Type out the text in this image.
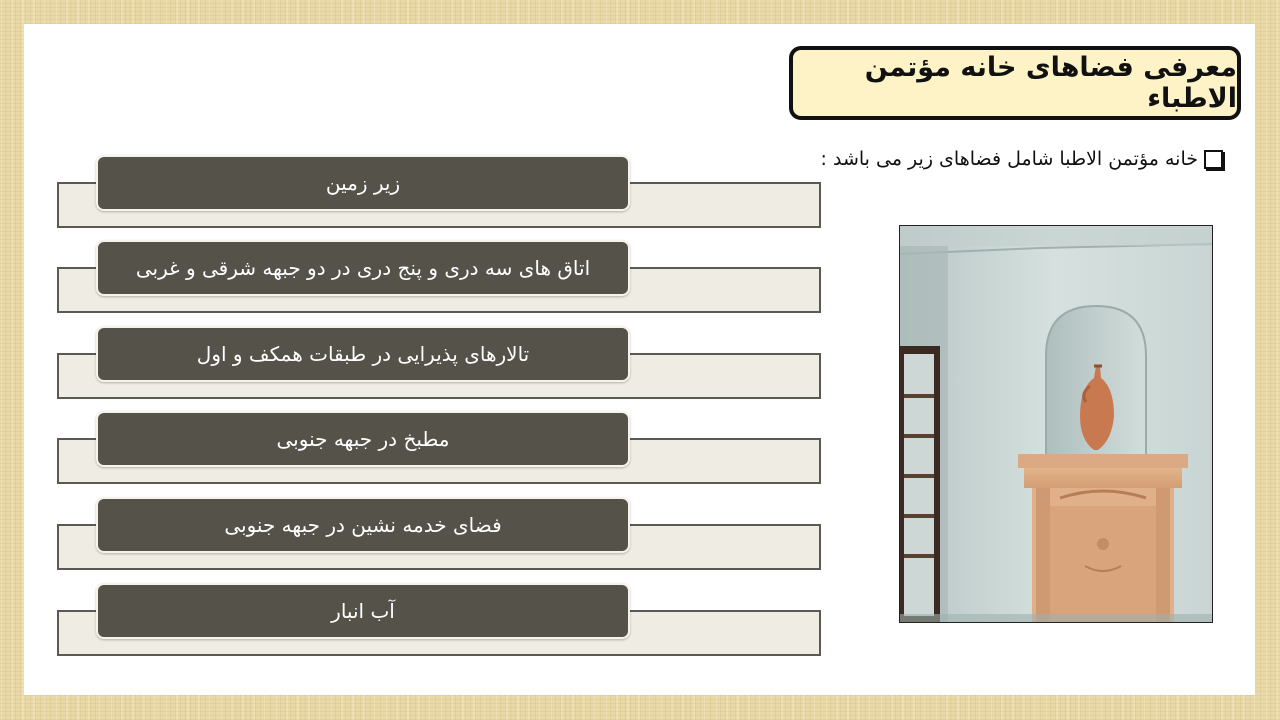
معرفی فضاهای خانه مؤتمن الاطباء
خانه مؤتمن الاطبا شامل فضاهای زیر می باشد :
زیر زمین
اتاق های سه دری و پنج دری در دو جبهه شرقی و غربی
تالارهای پذیرایی در طبقات همکف و اول
مطبخ در جبهه جنوبی
فضای خدمه نشین در جبهه جنوبی
آب انبار
